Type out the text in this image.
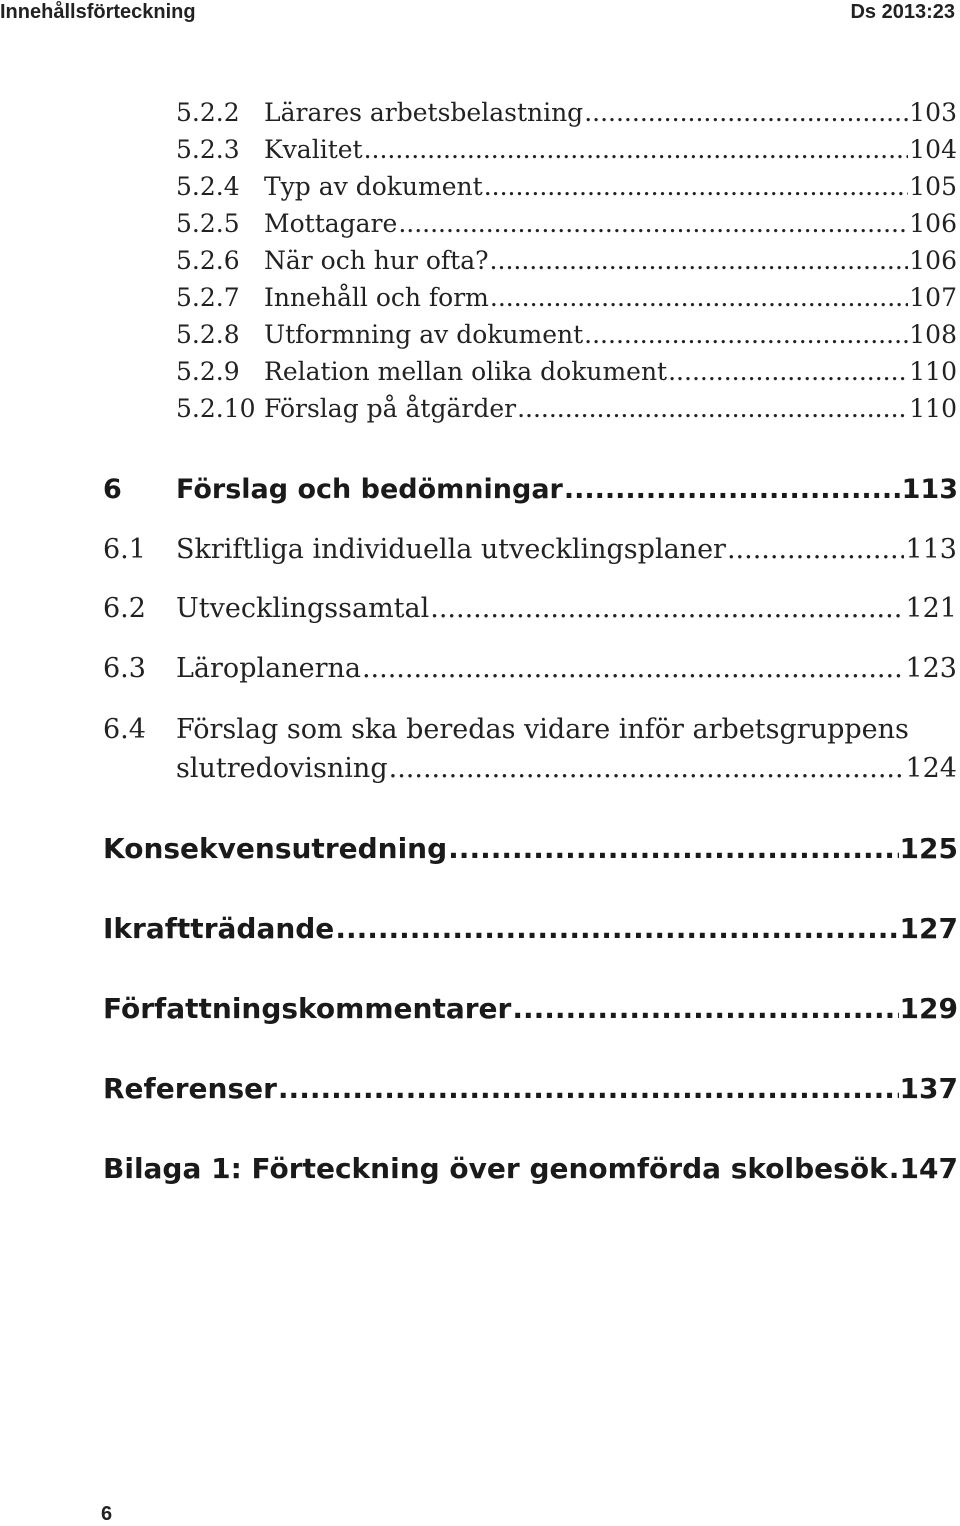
Innehållsförteckning	Ds 2013:23
5.2.2 Lärares arbetsbelastning .....	103
5.2.3 Kvalitet .....	104
5.2.4 Typ av dokument .....	105
5.2.5 Mottagare .....	106
5.2.6 När och hur ofta? .....	106
5.2.7 Innehåll och form .....	107
5.2.8 Utformning av dokument .....	108
5.2.9 Relation mellan olika dokument .....	110
5.2.10 Förslag på åtgärder .....	110
6	Förslag och bedömningar .....	113
6.1	Skriftliga individuella utvecklingsplaner .....	113
6.2	Utvecklingssamtal .....	121
6.3	Läroplanerna .....	123
6.4 Förslag som ska beredas vidare inför arbetsgruppens
slutredovisning .....	124
Konsekvensutredning .....	125
Ikraftträdande .....	127
Författningskommentarer .....	129
Referenser .....	137
Bilaga 1: Förteckning över genomförda skolbesök ..... 147
6
